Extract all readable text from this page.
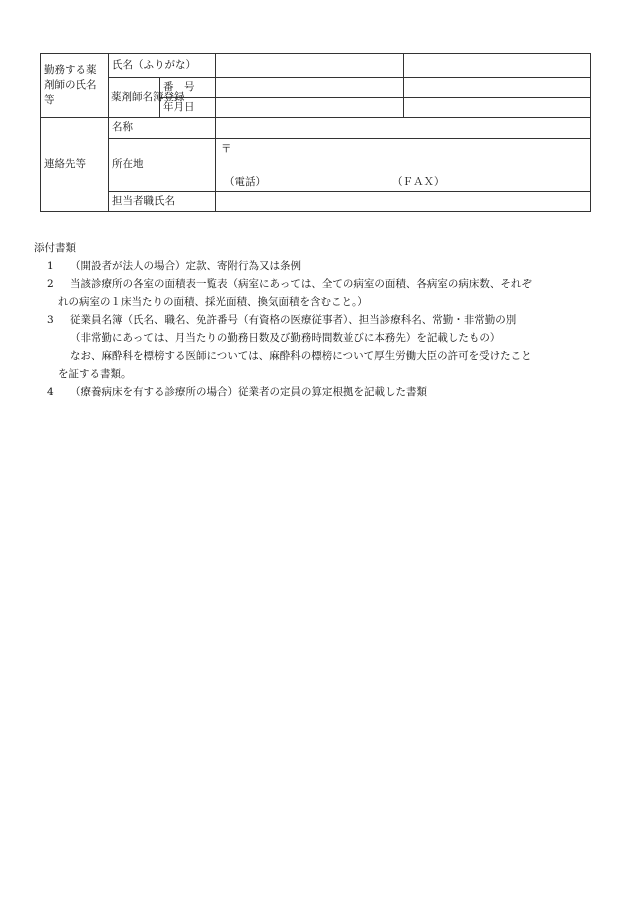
勤務する薬剤師の氏名等	氏名（ふりがな）			
	薬剤師名簿登録	番　号		
		年月日		
連絡先等	名称			
	所在地		〒
（電話） （ＦＡＸ）	

	担当者職氏名			
添付書類
1 （開設者が法人の場合）定款、寄附行為又は条例
2 当該診療所の各室の面積表一覧表（病室にあっては、全ての病室の面積、各病室の病床数、それぞ
れの病室の１床当たりの面積、採光面積、換気面積を含むこと。）
3 従業員名簿（氏名、職名、免許番号（有資格の医療従事者）、担当診療科名、常勤・非常勤の別
（非常勤にあっては、月当たりの勤務日数及び勤務時間数並びに本務先）を記載したもの）
なお、麻酔科を標榜する医師については、麻酔科の標榜について厚生労働大臣の許可を受けたこと
を証する書類。
4 （療養病床を有する診療所の場合）従業者の定員の算定根拠を記載した書類
